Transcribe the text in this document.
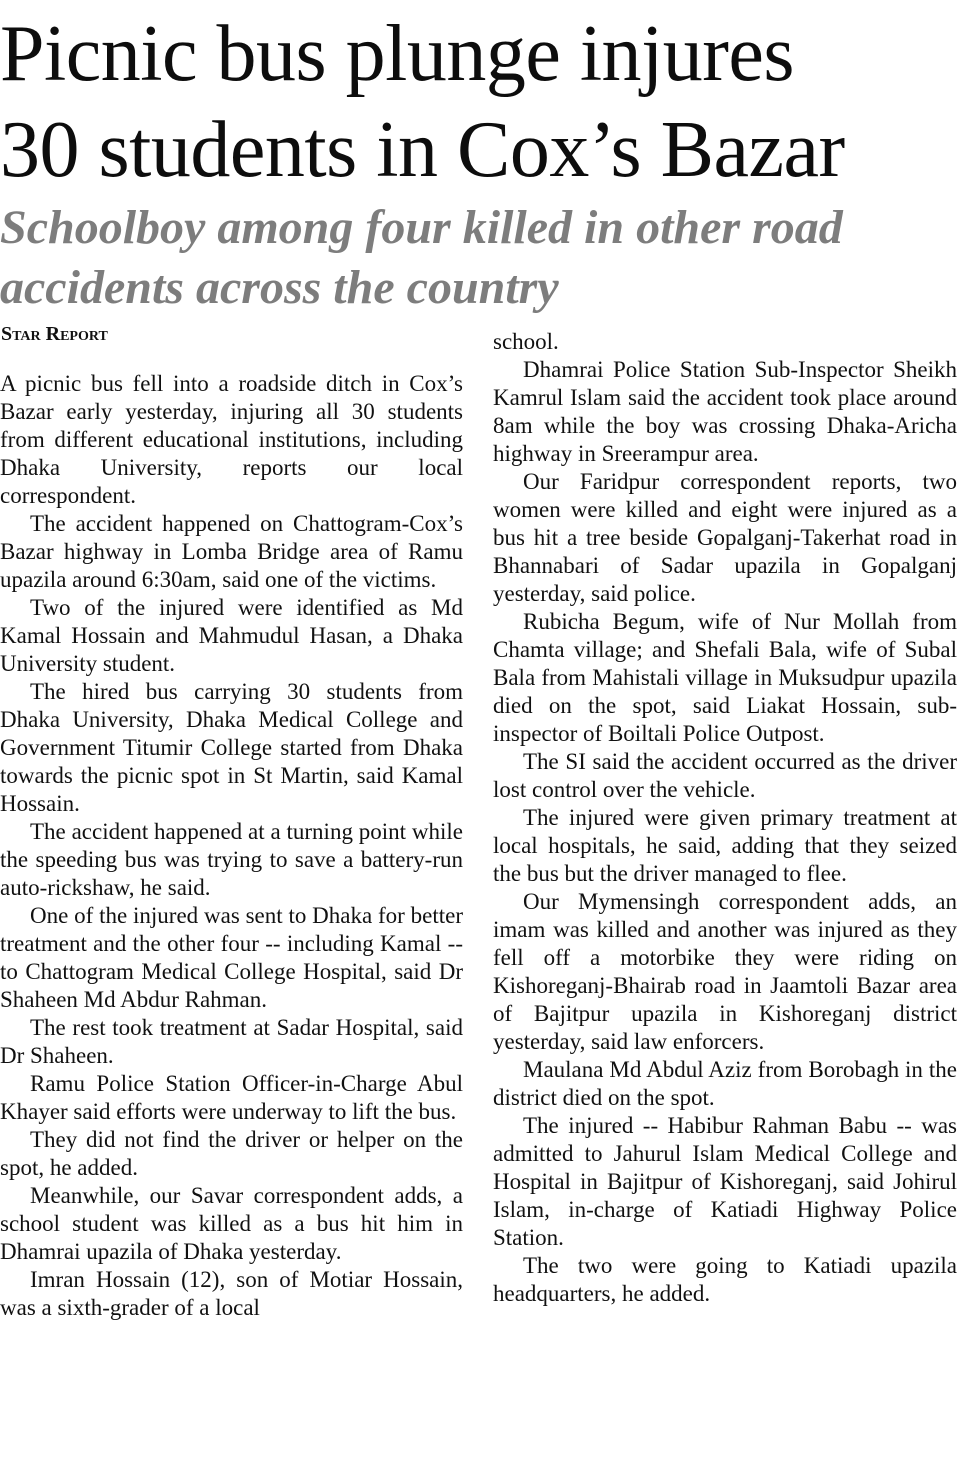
Picnic bus plunge injures
30 students in Cox’s Bazar
Schoolboy among four killed in other road
accidents across the country
Star Report

A picnic bus fell into a roadside ditch in Cox’s Bazar early yesterday, injuring all 30 students from different educational institutions, including Dhaka University, reports our local correspondent.

The accident happened on Chattogram-Cox’s Bazar highway in Lomba Bridge area of Ramu upazila around 6:30am, said one of the victims.

Two of the injured were identified as Md Kamal Hossain and Mahmudul Hasan, a Dhaka University student.

The hired bus carrying 30 students from Dhaka University, Dhaka Medical College and Government Titumir College started from Dhaka towards the picnic spot in St Martin, said Kamal Hossain.

The accident happened at a turning point while the speeding bus was trying to save a battery-run auto-rickshaw, he said.

One of the injured was sent to Dhaka for better treatment and the other four -- including Kamal -- to Chattogram Medical College Hospital, said Dr Shaheen Md Abdur Rahman.

The rest took treatment at Sadar Hospital, said Dr Shaheen.

Ramu Police Station Officer-in-Charge Abul Khayer said efforts were underway to lift the bus.

They did not find the driver or helper on the spot, he added.

Meanwhile, our Savar correspondent adds, a school student was killed as a bus hit him in Dhamrai upazila of Dhaka yesterday.

Imran Hossain (12), son of Motiar Hossain, was a sixth-grader of a local

school.

Dhamrai Police Station Sub-Inspector Sheikh Kamrul Islam said the accident took place around 8am while the boy was crossing Dhaka-Aricha highway in Sreerampur area.

Our Faridpur correspondent reports, two women were killed and eight were injured as a bus hit a tree beside Gopalganj-Takerhat road in Bhannabari of Sadar upazila in Gopalganj yesterday, said police.

Rubicha Begum, wife of Nur Mollah from Chamta village; and Shefali Bala, wife of Subal Bala from Mahistali village in Muksudpur upazila died on the spot, said Liakat Hossain, sub-inspector of Boiltali Police Outpost.

The SI said the accident occurred as the driver lost control over the vehicle.

The injured were given primary treatment at local hospitals, he said, adding that they seized the bus but the driver managed to flee.

Our Mymensingh correspondent adds, an imam was killed and another was injured as they fell off a motorbike they were riding on Kishoreganj-Bhairab road in Jaamtoli Bazar area of Bajitpur upazila in Kishoreganj district yesterday, said law enforcers.

Maulana Md Abdul Aziz from Borobagh in the district died on the spot.

The injured -- Habibur Rahman Babu -- was admitted to Jahurul Islam Medical College and Hospital in Bajitpur of Kishoreganj, said Johirul Islam, in-charge of Katiadi Highway Police Station.

The two were going to Katiadi upazila headquarters, he added.
